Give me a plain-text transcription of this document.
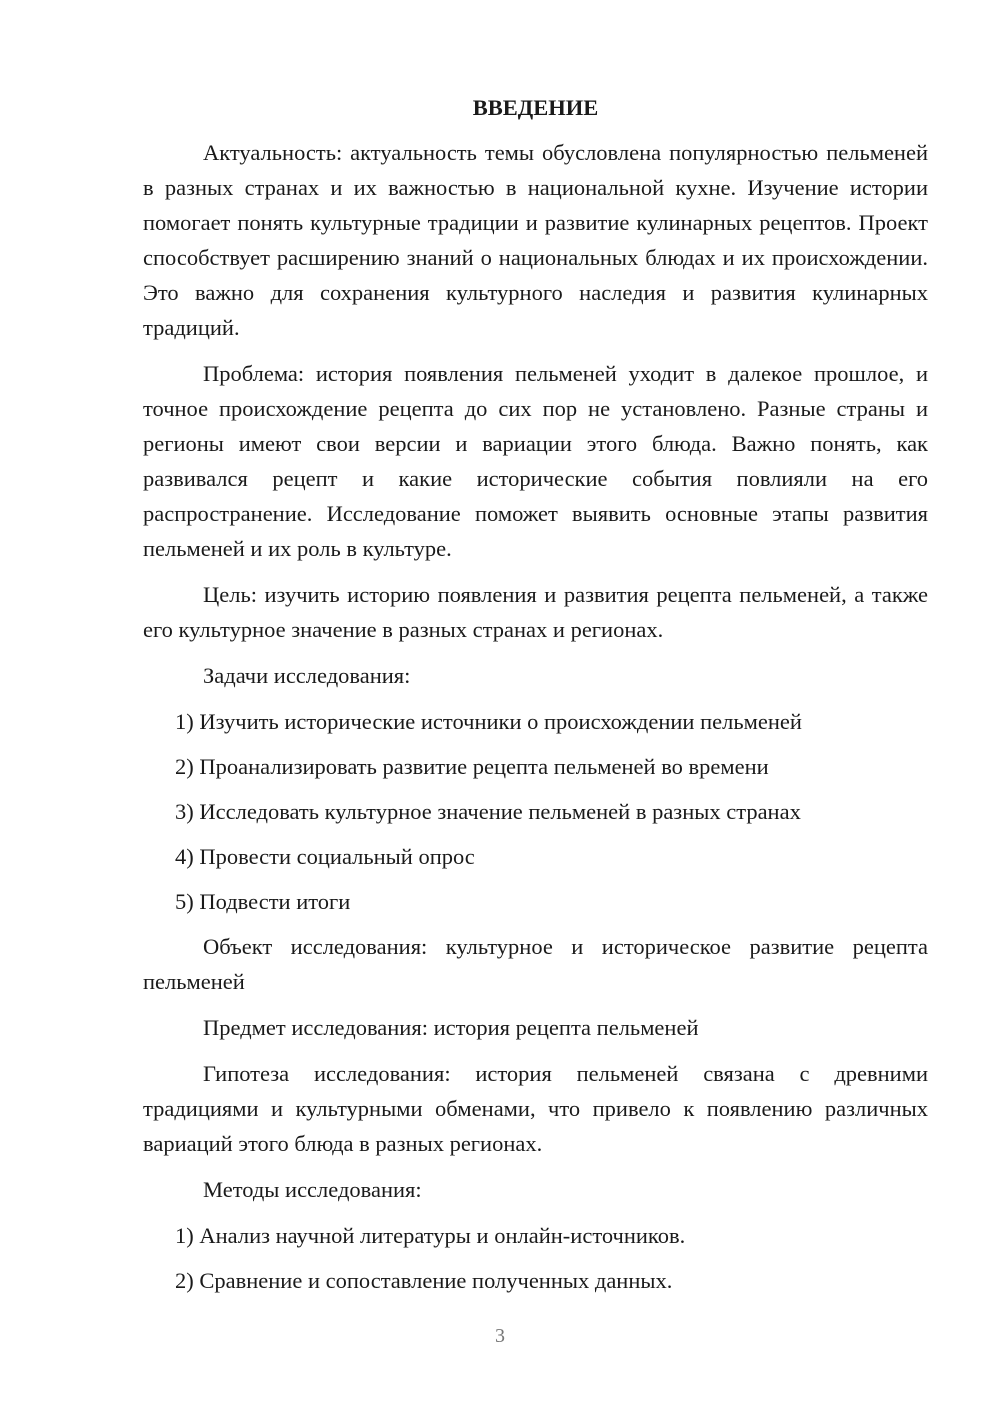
ВВЕДЕНИЕ

Актуальность: актуальность темы обусловлена популярностью пельменей в разных странах и их важностью в национальной кухне. Изучение истории помогает понять культурные традиции и развитие кулинарных рецептов. Проект способствует расширению знаний о национальных блюдах и их происхождении. Это важно для сохранения культурного наследия и развития кулинарных традиций.

Проблема: история появления пельменей уходит в далекое прошлое, и точное происхождение рецепта до сих пор не установлено. Разные страны и регионы имеют свои версии и вариации этого блюда. Важно понять, как развивался рецепт и какие исторические события повлияли на его распространение. Исследование поможет выявить основные этапы развития пельменей и их роль в культуре.

Цель: изучить историю появления и развития рецепта пельменей, а также его культурное значение в разных странах и регионах.

Задачи исследования:

1) Изучить исторические источники о происхождении пельменей

2) Проанализировать развитие рецепта пельменей во времени

3) Исследовать культурное значение пельменей в разных странах

4) Провести социальный опрос

5) Подвести итоги

Объект исследования: культурное и историческое развитие рецепта пельменей

Предмет исследования: история рецепта пельменей

Гипотеза исследования: история пельменей связана с древними традициями и культурными обменами, что привело к появлению различных вариаций этого блюда в разных регионах.

Методы исследования:

1) Анализ научной литературы и онлайн-источников.

2) Сравнение и сопоставление полученных данных.

3
